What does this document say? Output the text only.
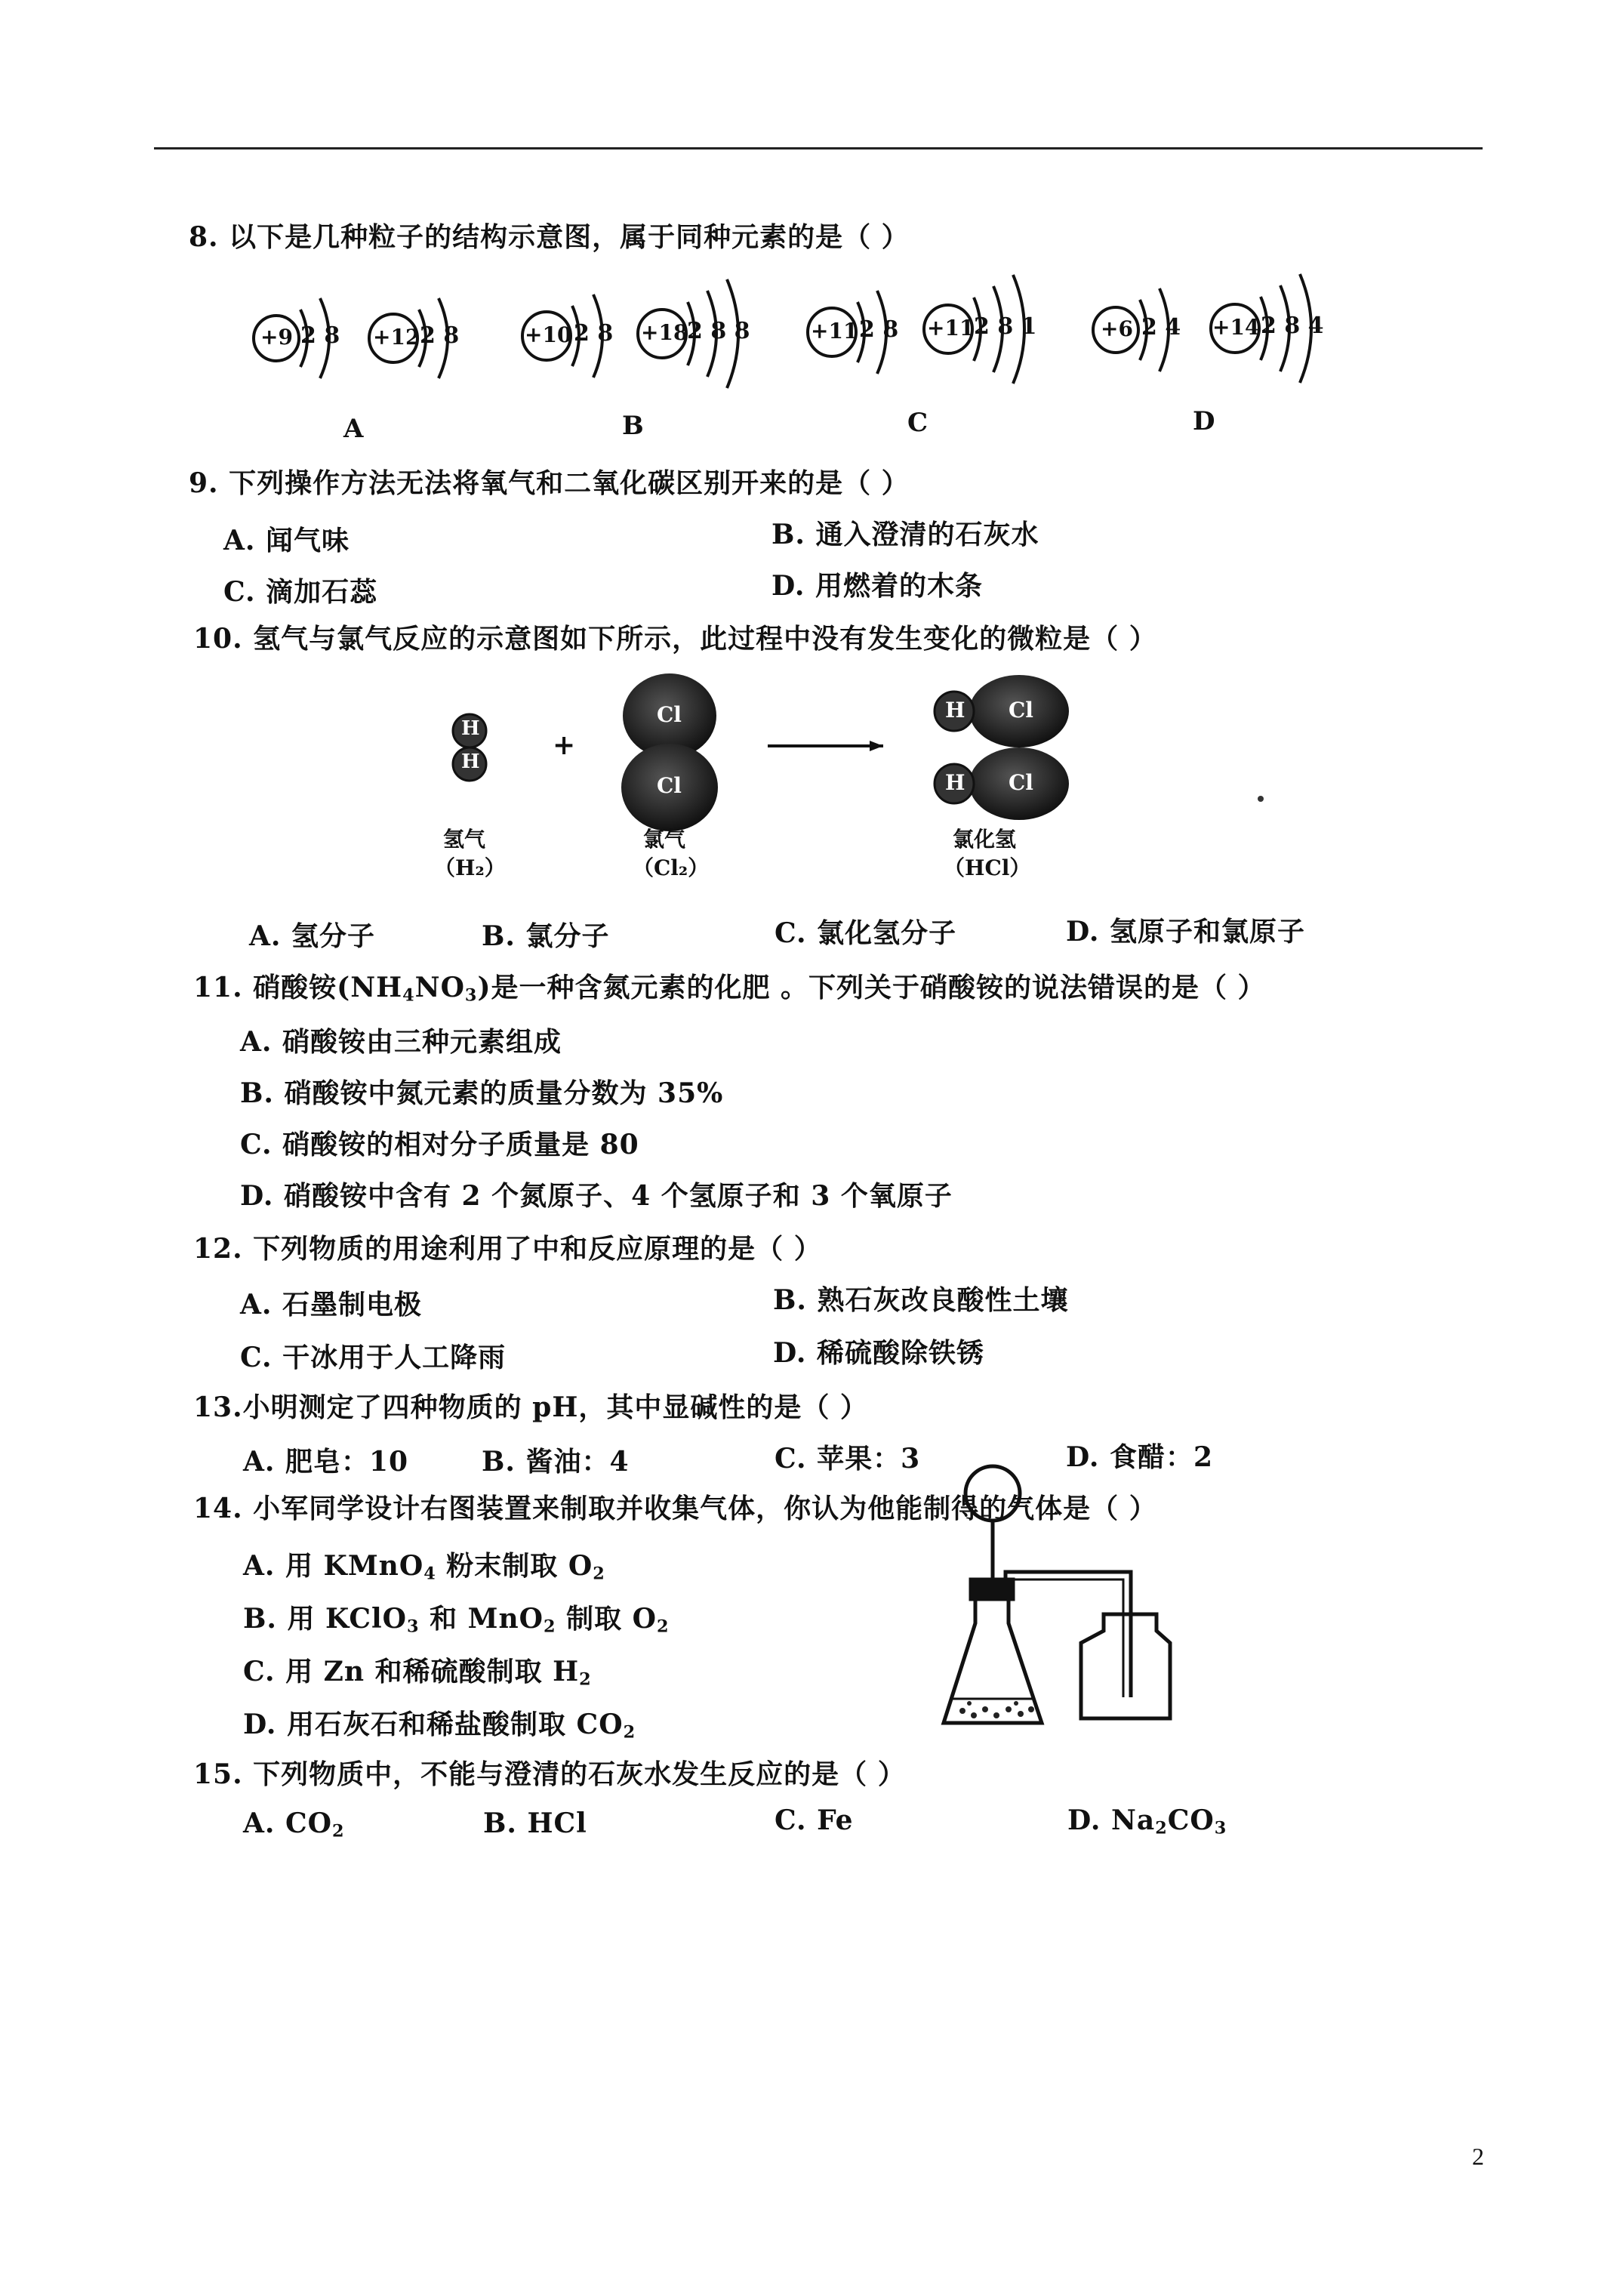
8. 以下是几种粒子的结构示意图，属于同种元素的是（ ）
+9 2 8 +12 2 8	+10 2 8 +18
2 8 8	+11 2 8 +11 2 8 1	+6 2 4 +14 2 8 4
A	B	C	D
9. 下列操作方法无法将氧气和二氧化碳区别开来的是（ ）
A. 闻气味	B. 通入澄清的石灰水
C. 滴加石蕊	D. 用燃着的木条
10. 氢气与氯气反应的示意图如下所示，此过程中没有发生变化的微粒是（ ）
H
H
Cl
Cl
H Cl
H Cl
+
氢气
（H₂）
氯气
（Cl₂）
氯化氢
（HCl）
A. 氢分子	B. 氯分子	C. 氯化氢分子	D. 氢原子和氯原子
11. 硝酸铵$(NH_4NO_3)$是一种含氮元素的化肥 。下列关于硝酸铵的说法错误的是（ ）
A. 硝酸铵由三种元素组成
B. 硝酸铵中氮元素的质量分数为 35%
C. 硝酸铵的相对分子质量是 80
D. 硝酸铵中含有 2 个氮原子、4 个氢原子和 3 个氧原子
12. 下列物质的用途利用了中和反应原理的是（ ）
A. 石墨制电极	B. 熟石灰改良酸性土壤
C. 干冰用于人工降雨	D. 稀硫酸除铁锈
13.小明测定了四种物质的 pH，其中显碱性的是（ ）
A. 肥皂：10	B. 酱油：4	C. 苹果：3	D. 食醋：2
14. 小军同学设计右图装置来制取并收集气体，你认为他能制得的气体是（ ）
A. 用 KMnO$_4$ 粉末制取 $O_2$
B. 用 KClO$_3$ 和 MnO$_2$ 制取 $O_2$
C. 用 Zn 和稀硫酸制取 $H_2$
D. 用石灰石和稀盐酸制取 $CO_2$
15. 下列物质中，不能与澄清的石灰水发生反应的是（ ）
A. $CO_2$	B. HCl	C. Fe	D. $Na_2CO_3$
2
